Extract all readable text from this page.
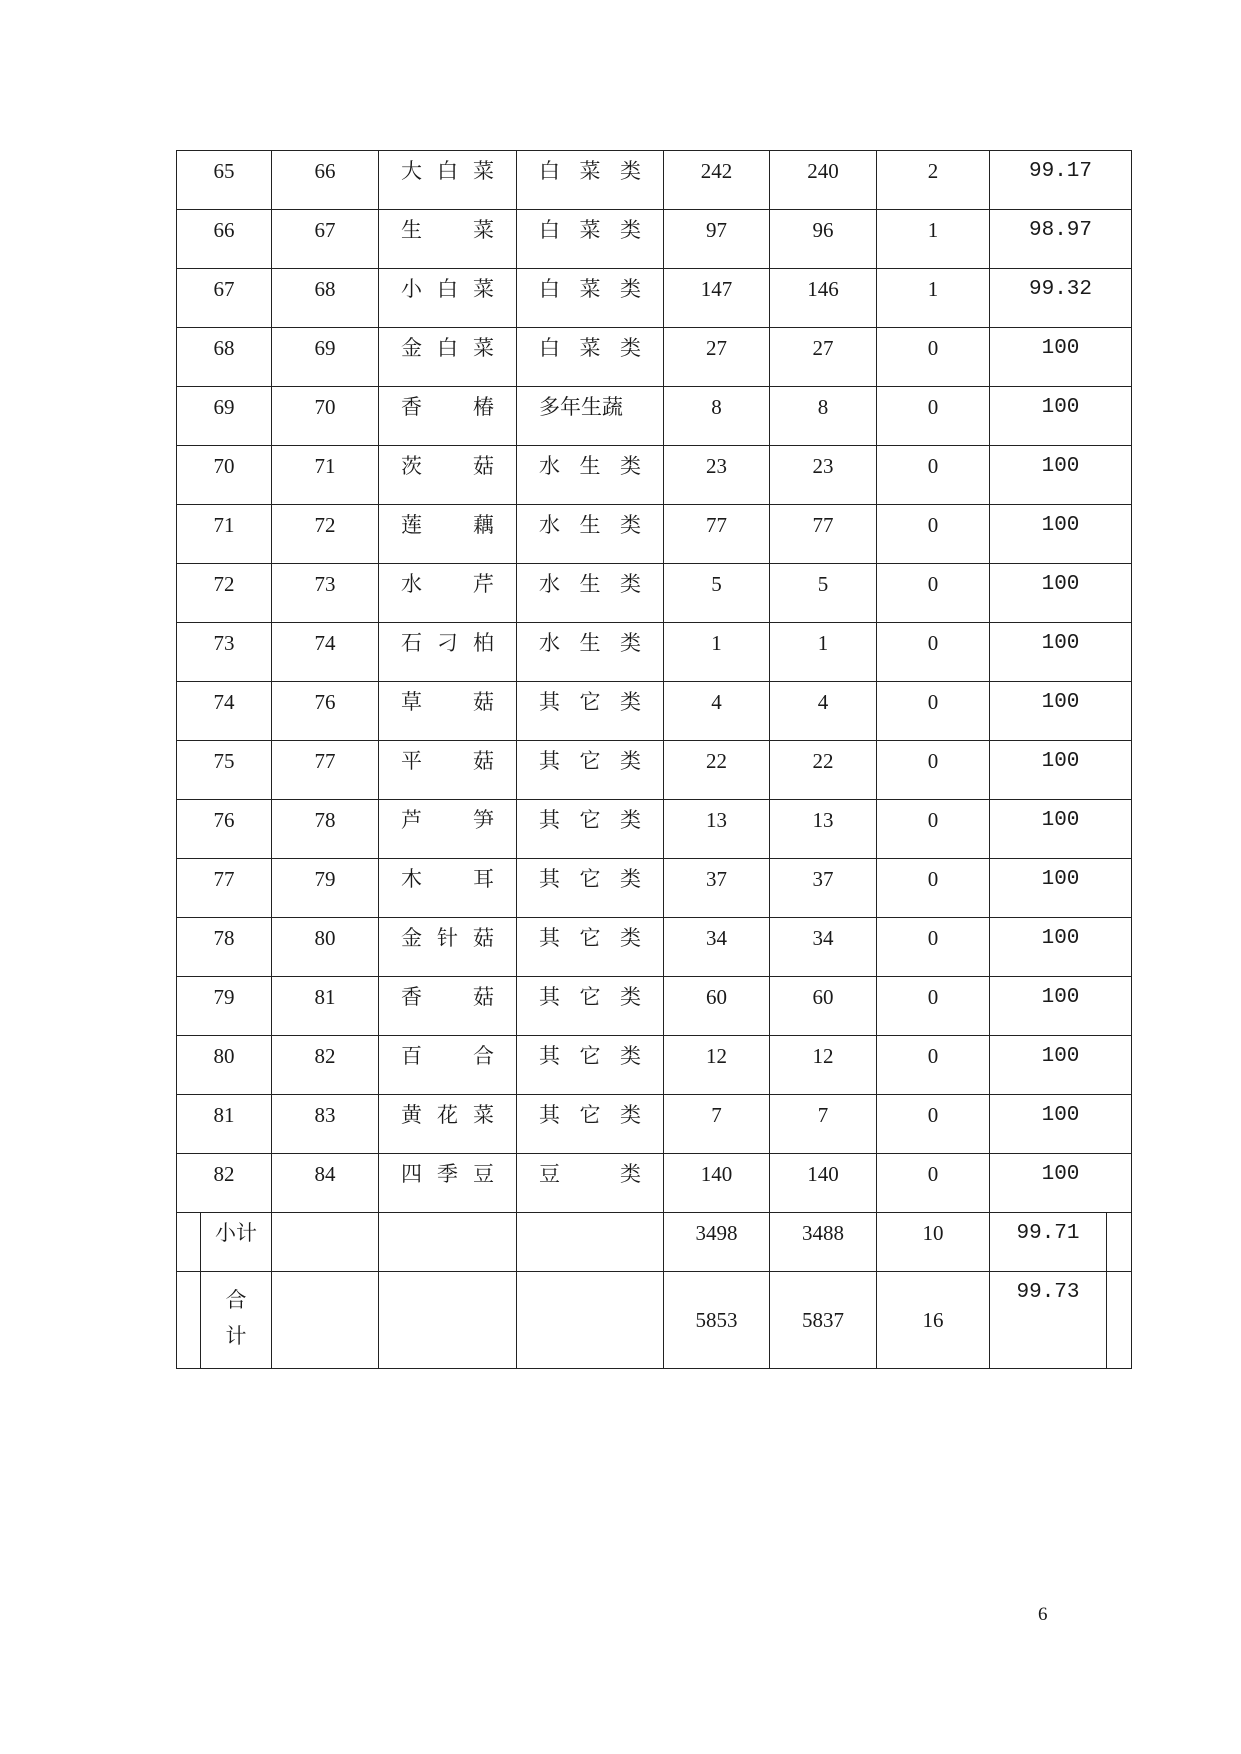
65		66	大 白 菜	白 菜 类	242	240	2	99.17	

66		67	生 菜	白 菜 类	97	96	1	98.97	

67		68	小 白 菜	白 菜 类	147	146	1	99.32	

68		69	金 白 菜	白 菜 类	27	27	0	100	

69		70	香 椿	多年生蔬	8	8	0	100	

70		71	茨 菇	水 生 类	23	23	0	100	

71		72	莲 藕	水 生 类	77	77	0	100	

72		73	水 芹	水 生 类	5	5	0	100	

73		74	石 刁 柏	水 生 类	1	1	0	100	

74		76	草 菇	其 它 类	4	4	0	100	

75		77	平 菇	其 它 类	22	22	0	100	

76		78	芦 笋	其 它 类	13	13	0	100	

77		79	木 耳	其 它 类	37	37	0	100	

78		80	金 针 菇	其 它 类	34	34	0	100	

79		81	香 菇	其 它 类	60	60	0	100	

80		82	百 合	其 它 类	12	12	0	100	

81		83	黄 花 菜	其 它 类	7	7	0	100	

82		84	四 季 豆	豆 类	140	140	0	100	

	小计				3498	3488	10	99.71	

	合
计				5853	5837	16	99.73	

6
